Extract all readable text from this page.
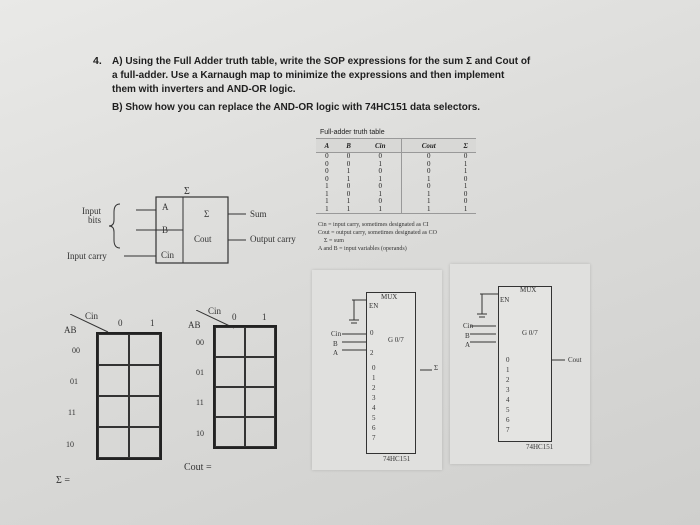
4. A) Using the Full Adder truth table, write the SOP expressions for the sum Σ and Cout of
a full-adder. Use a Karnaugh map to minimize the expressions and then implement
them with inverters and AND-OR logic.
B) Show how you can replace the AND-OR logic with 74HC151 data selectors.
Σ
Input
bits
A
B
Cin
Σ
Cout
Sum
Output carry
Input carry
Full-adder truth table
A	B	Cin	Cout	Σ
0	0	0	0	0
0	0	1	0	1
0	1	0	0	1
0	1	1	1	0
1	0	0	0	1
1	0	1	1	0
1	1	0	1	0
1	1	1	1	1
Cin = input carry, sometimes designated as CI
Cout = output carry, sometimes designated as CO
Σ = sum
A and B = input variables (operands)
Cin
AB
0	1
00
01
11
10
Σ =
Cin
AB
0	1
00
01
11
10
Cout =
MUX
EN
Cin
B
A
0
2
G 0/7
0
1
2
3
4
5
6
7
Σ
74HC151
MUX
EN
Cin
B
A
G 0/7
0
1
2
3
4
5
6
7
Cout
74HC151
